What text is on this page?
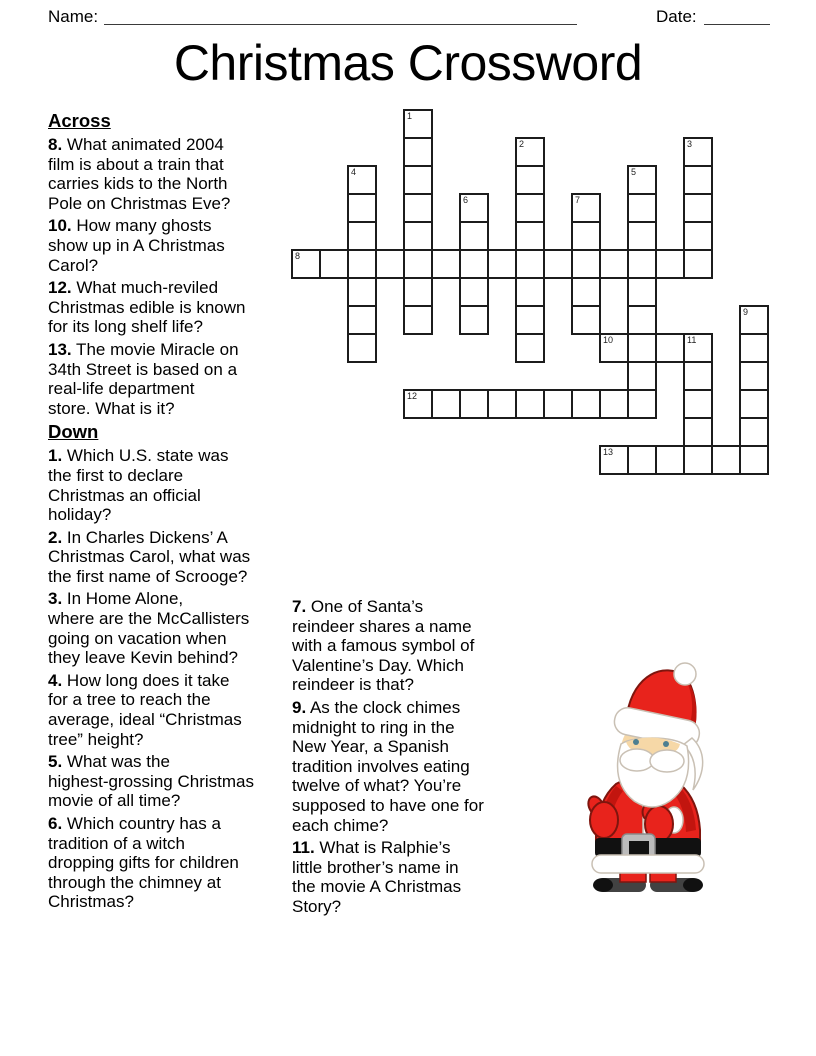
Name:	Date:
Christmas Crossword
1
2	3
4	5
6	7
8
9
10	11
12
13
Across

8. What animated 2004
film is about a train that
carries kids to the North
Pole on Christmas Eve?

10. How many ghosts
show up in A Christmas
Carol?

12. What much-reviled
Christmas edible is known
for its long shelf life?

13. The movie Miracle on
34th Street is based on a
real-life department
store. What is it?

Down

1. Which U.S. state was
the first to declare
Christmas an official
holiday?

2. In Charles Dickens’ A
Christmas Carol, what was
the first name of Scrooge?

3. In Home Alone,
where are the McCallisters
going on vacation when
they leave Kevin behind?

4. How long does it take
for a tree to reach the
average, ideal “Christmas
tree” height?

5. What was the
highest-grossing Christmas
movie of all time?

6. Which country has a
tradition of a witch
dropping gifts for children
through the chimney at
Christmas?

7. One of Santa’s
reindeer shares a name
with a famous symbol of
Valentine’s Day. Which
reindeer is that?

9. As the clock chimes
midnight to ring in the
New Year, a Spanish
tradition involves eating
twelve of what? You’re
supposed to have one for
each chime?

11. What is Ralphie’s
little brother’s name in
the movie A Christmas
Story?
